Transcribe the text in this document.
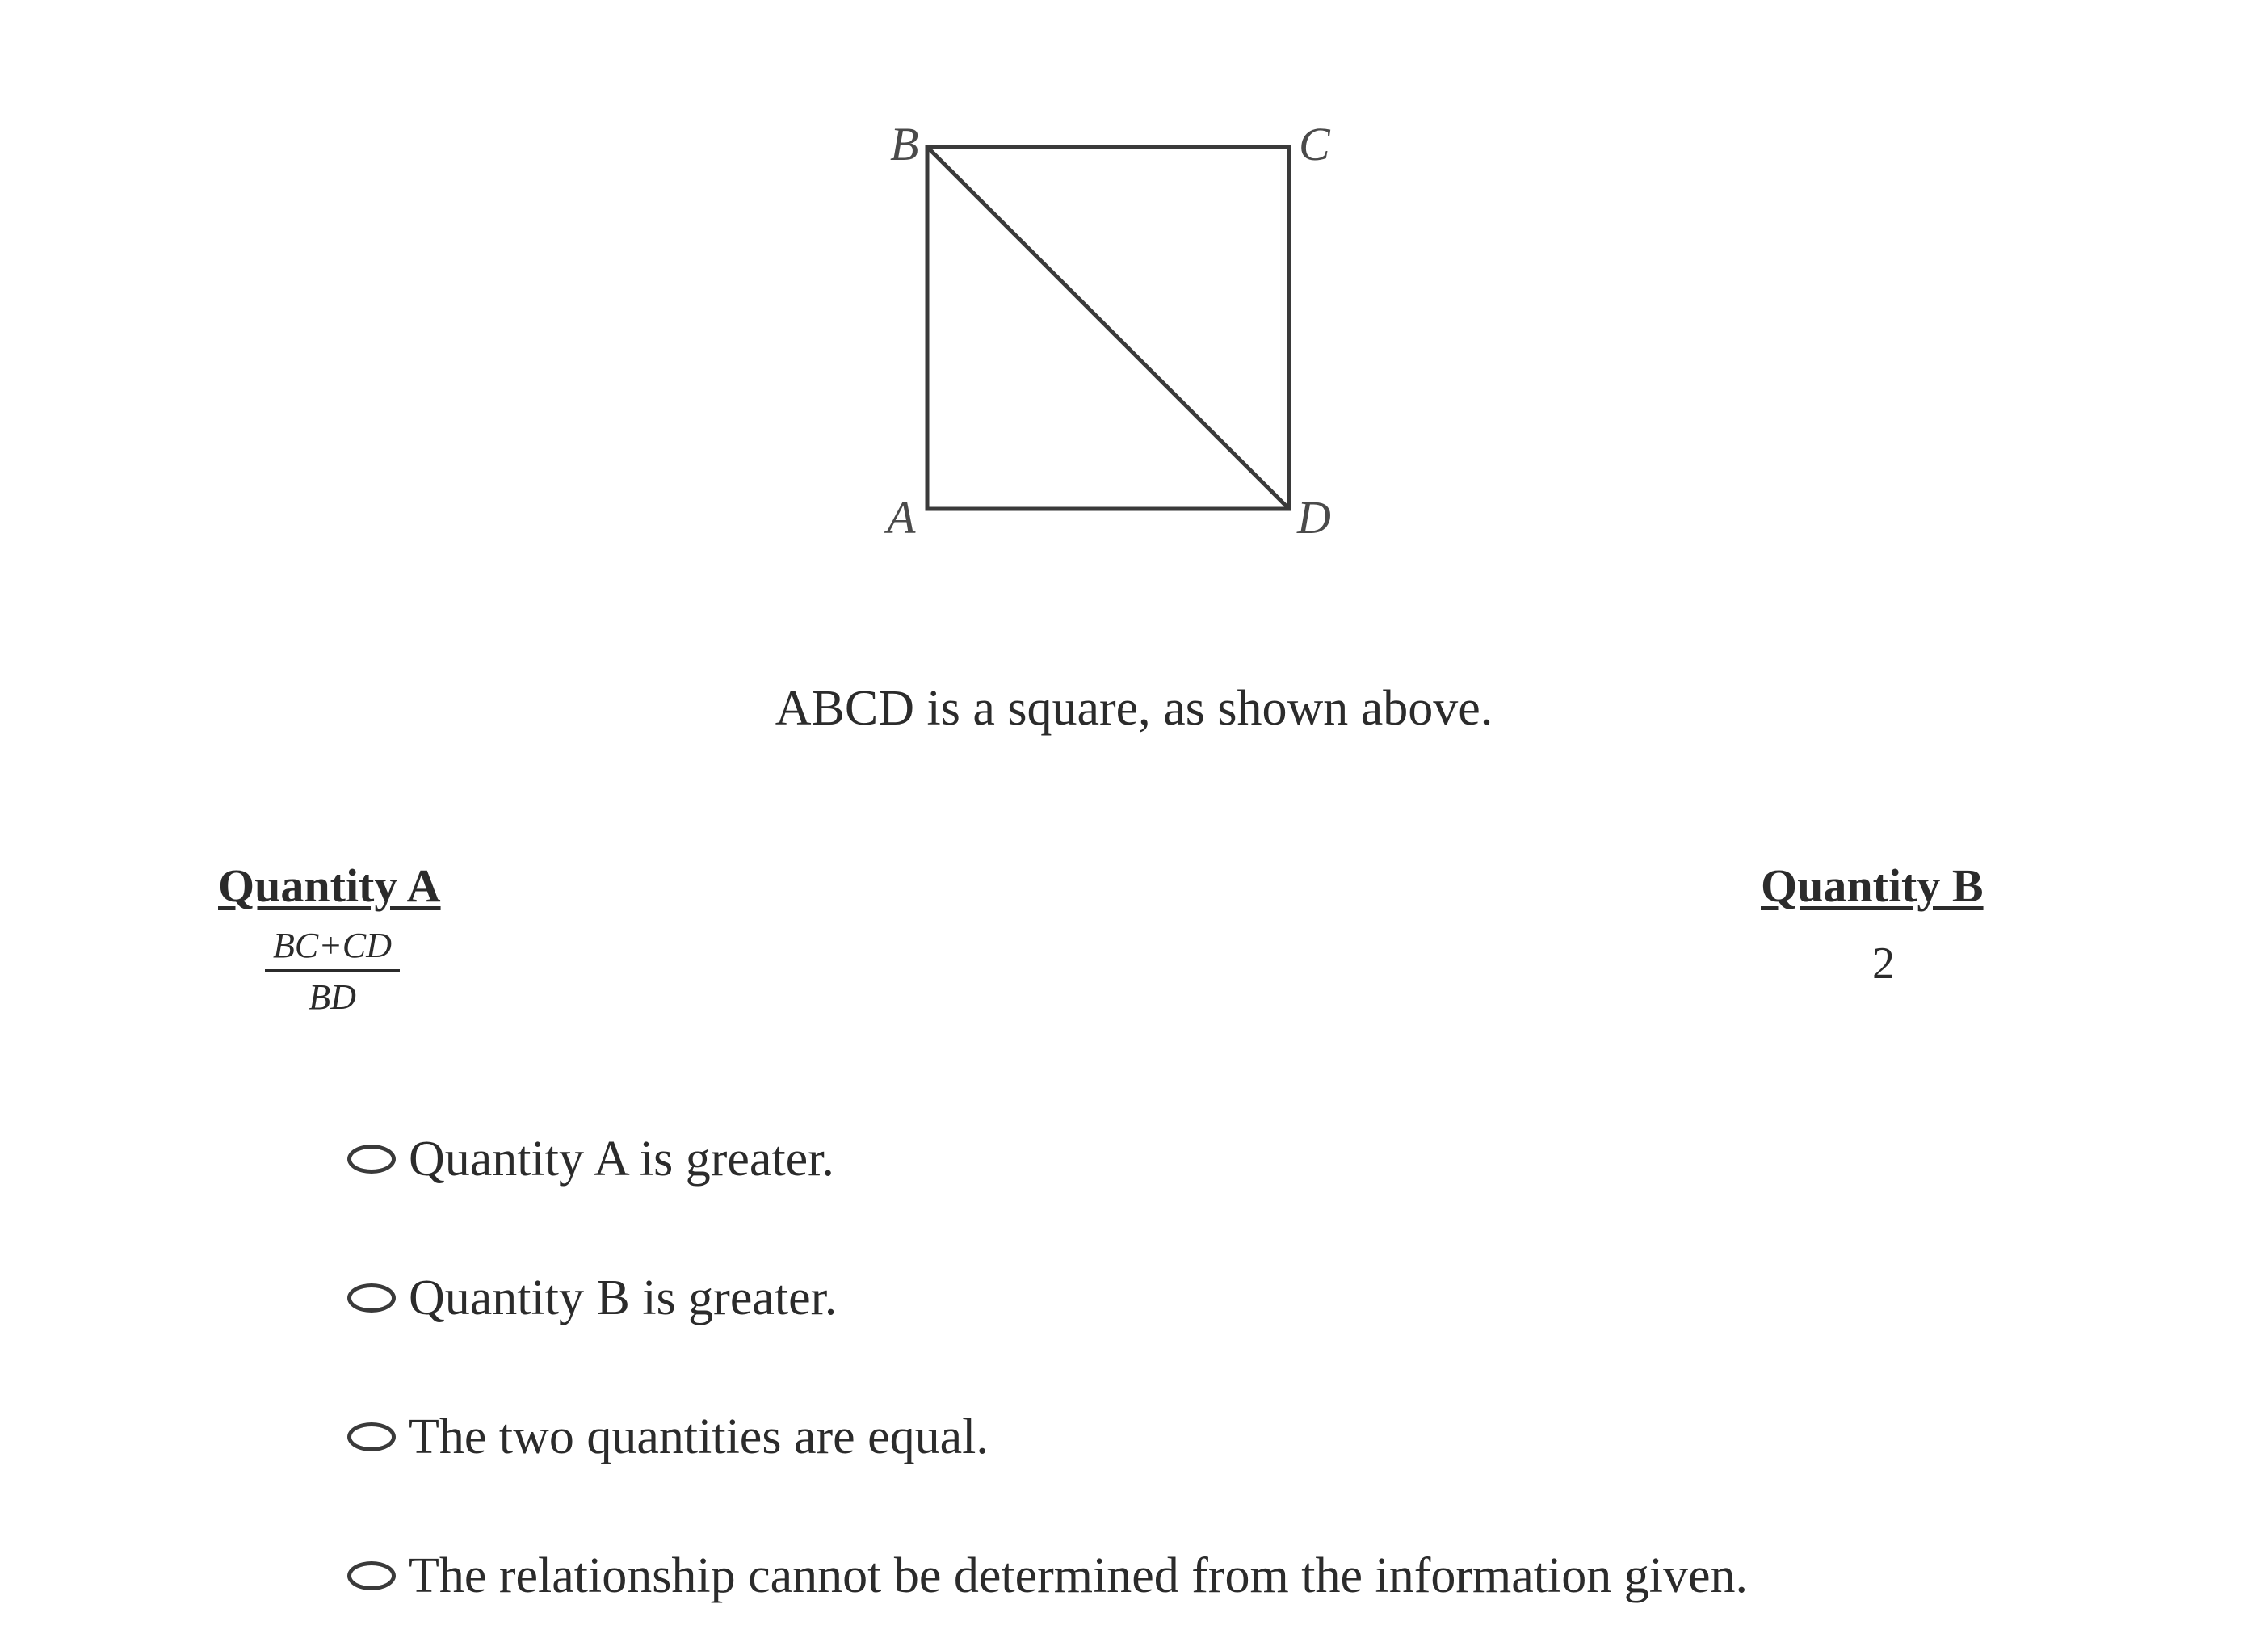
B	C
A	D
ABCD is a square, as shown above.
Quantity A
BC+CD
BD
Quantity B
2
Quantity A is greater.
Quantity B is greater.
The two quantities are equal.
The relationship cannot be determined from the information given.
